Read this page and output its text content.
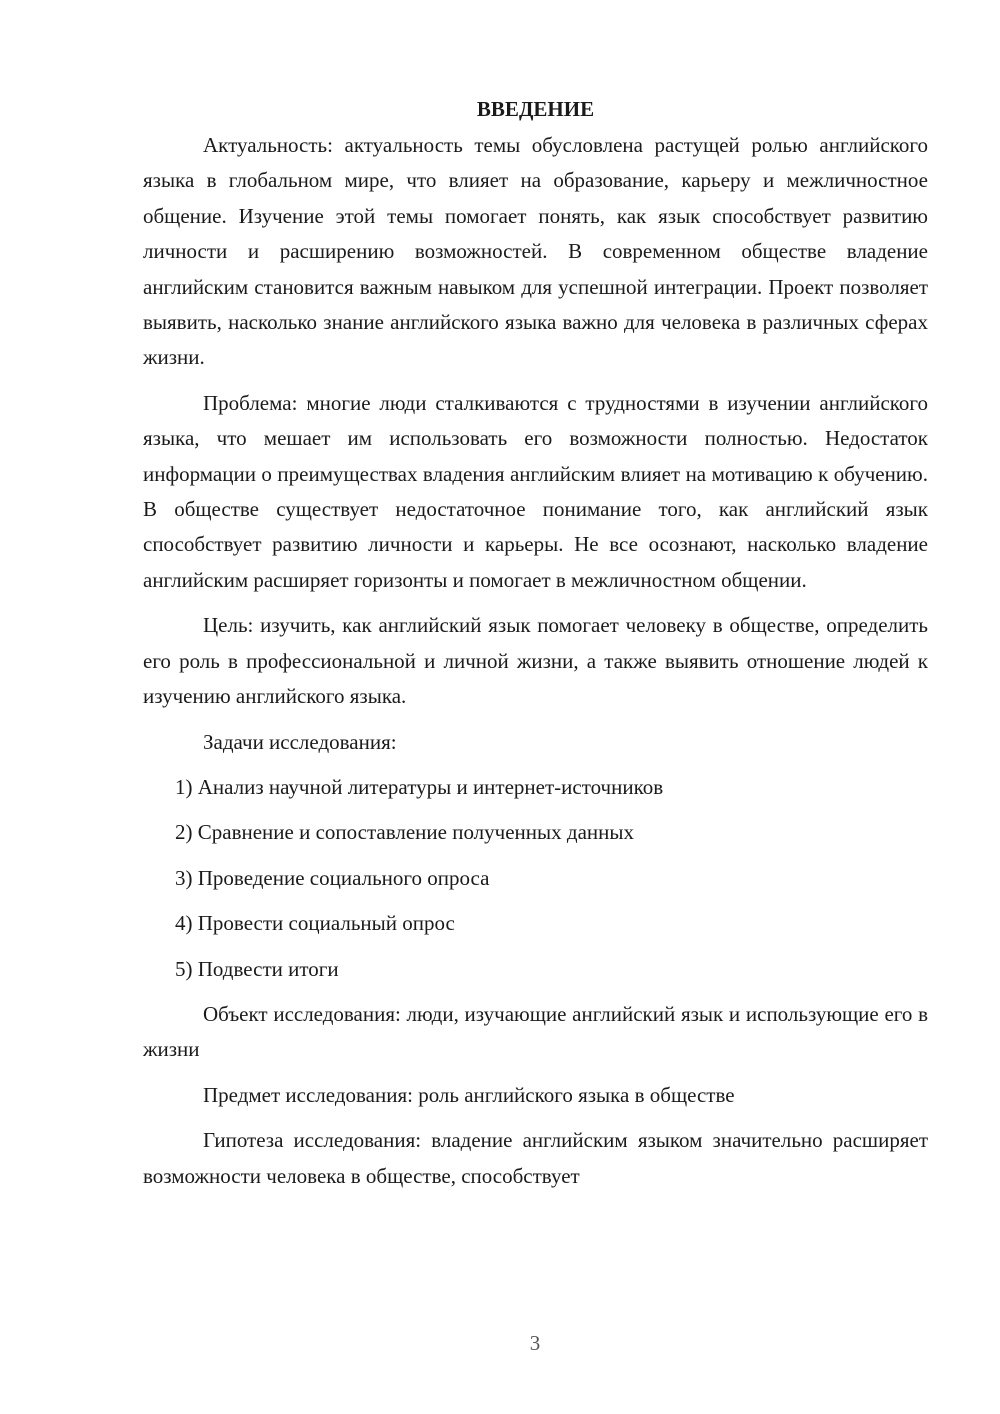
ВВЕДЕНИЕ

Актуальность: актуальность темы обусловлена растущей ролью английского языка в глобальном мире, что влияет на образование, карьеру и межличностное общение. Изучение этой темы помогает понять, как язык способствует развитию личности и расширению возможностей. В современном обществе владение английским становится важным навыком для успешной интеграции. Проект позволяет выявить, насколько знание английского языка важно для человека в различных сферах жизни.

Проблема: многие люди сталкиваются с трудностями в изучении английского языка, что мешает им использовать его возможности полностью. Недостаток информации о преимуществах владения английским влияет на мотивацию к обучению. В обществе существует недостаточное понимание того, как английский язык способствует развитию личности и карьеры. Не все осознают, насколько владение английским расширяет горизонты и помогает в межличностном общении.

Цель: изучить, как английский язык помогает человеку в обществе, определить его роль в профессиональной и личной жизни, а также выявить отношение людей к изучению английского языка.

Задачи исследования:

1) Анализ научной литературы и интернет-источников

2) Сравнение и сопоставление полученных данных

3) Проведение социального опроса

4) Провести социальный опрос

5) Подвести итоги

Объект исследования: люди, изучающие английский язык и использующие его в жизни

Предмет исследования: роль английского языка в обществе

Гипотеза исследования: владение английским языком значительно расширяет возможности человека в обществе, способствует

3
